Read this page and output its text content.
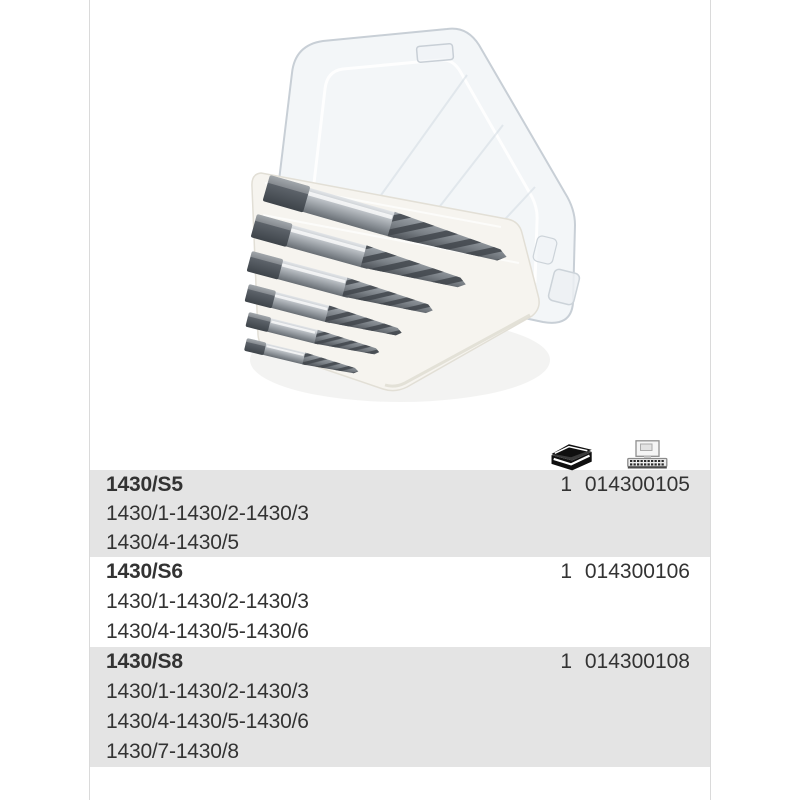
1430/S5	1 014300105
1430/1-1430/2-1430/3
1430/4-1430/5
1430/S6	1 014300106
1430/1-1430/2-1430/3
1430/4-1430/5-1430/6
1430/S8	1 014300108
1430/1-1430/2-1430/3
1430/4-1430/5-1430/6
1430/7-1430/8
